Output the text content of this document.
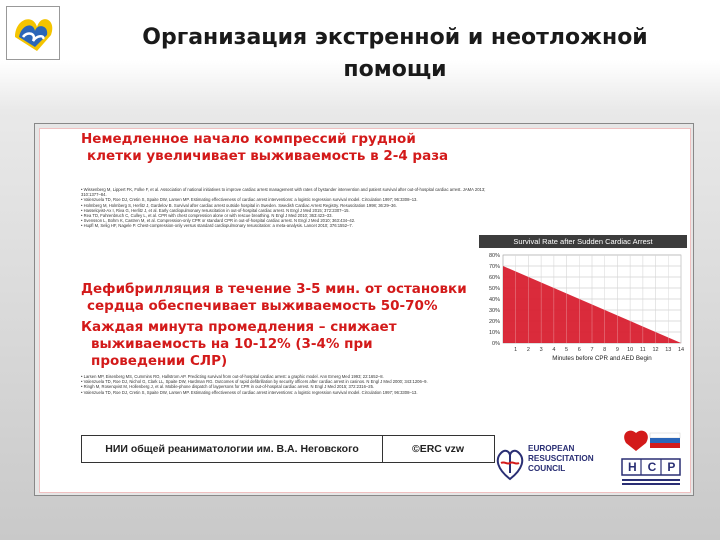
Организация экстренной и неотложной
помощи
Немедленное начало компрессий грудной
клетки увеличивает выживаемость в 2-4 раза
• Wissenberg M, Lippert FK, Folke F, et al. Association of national initiatives to improve cardiac arrest management with rates of bystander intervention and patient survival after out-of-hospital cardiac arrest. JAMA 2013; 310:1377–84.
• Valenzuela TD, Roe DJ, Cretin S, Spaite DW, Larsen MP. Estimating effectiveness of cardiac arrest interventions: a logistic regression survival model. Circulation 1997; 96:3308–13.
• Holmberg M, Holmberg S, Herlitz J, Gardelov B. Survival after cardiac arrest outside hospital in Sweden. Swedish Cardiac Arrest Registry. Resuscitation 1998; 36:29–36.
• Hasselqvist-Ax I, Riva G, Herlitz J, et al. Early cardiopulmonary resuscitation in out-of-hospital cardiac arrest. N Engl J Med 2015; 372:2307–15.
• Rea TD, Fahrenbruch C, Culley L, et al. CPR with chest compression alone or with rescue breathing. N Engl J Med 2010; 363:423–33.
• Svensson L, Bohm K, Castren M, et al. Compression-only CPR or standard CPR in out-of-hospital cardiac arrest. N Engl J Med 2010; 363:434–42.
• Hupfl M, Selig HF, Nagele P. Chest-compression-only versus standard cardiopulmonary resuscitation: a meta-analysis. Lancet 2010; 376:1552–7.
Дефибрилляция в течение 3-5 мин. от остановки
сердца обеспечивает выживаемость 50-70%
Каждая минута промедления – снижает
выживаемость на 10-12% (3-4% при
проведении СЛР)
• Larsen MP, Eisenberg MS, Cummins RO, Hallstrom AP. Predicting survival from out-of-hospital cardiac arrest: a graphic model. Ann Emerg Med 1993; 22:1652–8.
• Valenzuela TD, Roe DJ, Nichol G, Clark LL, Spaite DW, Hardman RG. Outcomes of rapid defibrillation by security officers after cardiac arrest in casinos. N Engl J Med 2000; 343:1206–9.
• Ringh M, Rosenqvist M, Hollenberg J, et al. Mobile-phone dispatch of laypersons for CPR in out-of-hospital cardiac arrest. N Engl J Med 2015; 372:2316–25.
• Valenzuela TD, Roe DJ, Cretin S, Spaite DW, Larsen MP. Estimating effectiveness of cardiac arrest interventions: a logistic regression survival model. Circulation 1997; 96:3308–13.
Survival Rate after Sudden Cardiac Arrest
0%
10%
20%
30%
40%
50%
60%
70%
80%
1 2 3 4 5 6 7 8 9 10 11 12 13 14
Minutes before CPR and AED Begin
НИИ общей реаниматологии им. В.А. Неговского	©ERC vzw	EUROPEAN
RESUSCITATION
COUNCIL	НСР
